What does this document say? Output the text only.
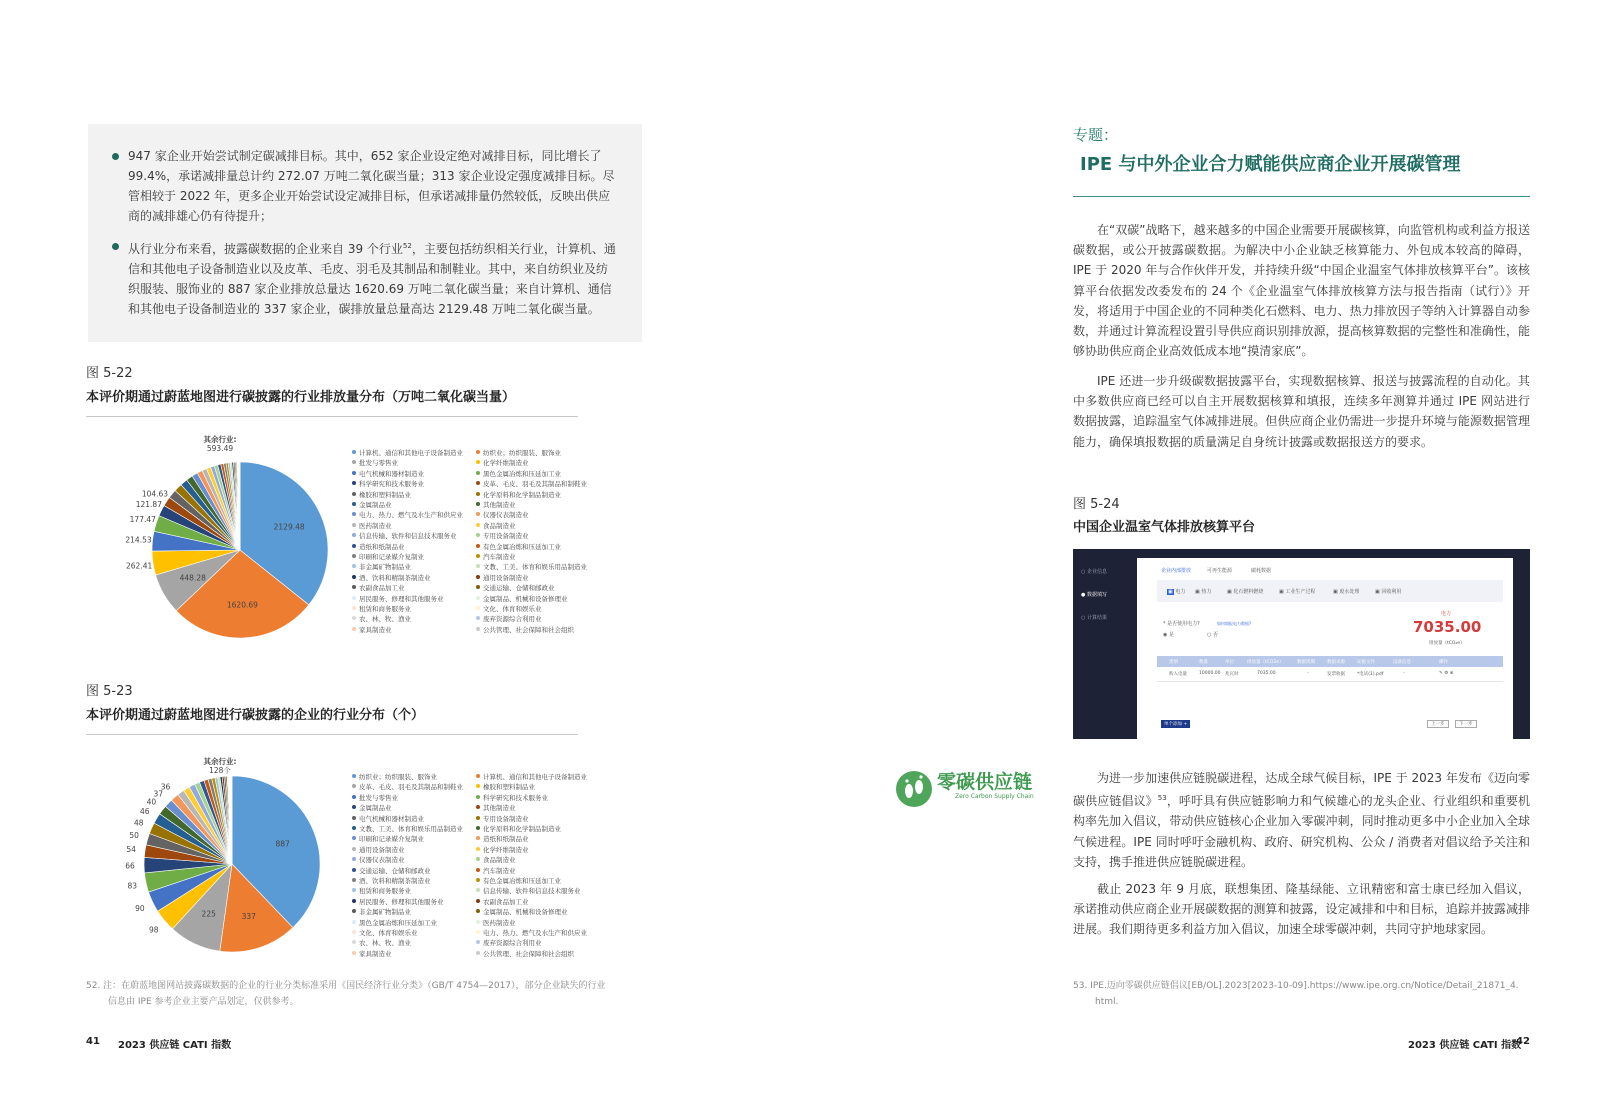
947 家企业开始尝试制定碳减排目标。其中，652 家企业设定绝对减排目标，同比增长了 99.4%，承诺减排量总计约 272.07 万吨二氧化碳当量；313 家企业设定强度减排目标。尽管相较于 2022 年，更多企业开始尝试设定减排目标，但承诺减排量仍然较低，反映出供应商的减排雄心仍有待提升；
从行业分布来看，披露碳数据的企业来自 39 个行业$^{52}$，主要包括纺织相关行业，计算机、通信和其他电子设备制造业以及皮革、毛皮、羽毛及其制品和制鞋业。其中，来自纺织业及纺织服装、服饰业的 887 家企业排放总量达 1620.69 万吨二氧化碳当量；来自计算机、通信和其他电子设备制造业的 337 家企业，碳排放量总量高达 2129.48 万吨二氧化碳当量。
图 5-22
本评价期通过蔚蓝地图进行碳披露的行业排放量分布（万吨二氧化碳当量）
2129.48
1620.69
448.28
262.41
214.53
177.47
121.87
104.63
其余行业:
593.49	计算机、通信和其他电子设备制造业	纺织业；纺织服装、服饰业
批发与零售业	化学纤维制造业
电气机械和器材制造业	黑色金属冶炼和压延加工业
科学研究和技术服务业	皮革、毛皮、羽毛及其制品和制鞋业
橡胶和塑料制品业	化学原料和化学制品制造业
金属制品业	其他制造业
电力、热力、燃气及水生产和供应业	仪器仪表制造业
医药制造业	食品制造业
信息传输、软件和信息技术服务业	专用设备制造业
造纸和纸制品业	有色金属冶炼和压延加工业
印刷和记录媒介复制业	汽车制造业
非金属矿物制品业	文教、工美、体育和娱乐用品制造业
酒、饮料和精制茶制造业	通用设备制造业
农副食品加工业	交通运输、仓储和邮政业
居民服务、修理和其他服务业	金属制品、机械和设备修理业
租赁和商务服务业	文化、体育和娱乐业
农、林、牧、渔业	废弃资源综合利用业
家具制造业	公共管理、社会保障和社会组织
图 5-23
本评价期通过蔚蓝地图进行碳披露的企业的行业分布（个）
887
337
225
98
90
83
66
54
50
48
46
40
37
36
其余行业:
128个
纺织业；纺织服装、服饰业	计算机、通信和其他电子设备制造业
皮革、毛皮、羽毛及其制品和制鞋业	橡胶和塑料制品业
批发与零售业	科学研究和技术服务业
金属制品业	其他制造业
电气机械和器材制造业	专用设备制造业
文教、工美、体育和娱乐用品制造业	化学原料和化学制品制造业
印刷和记录媒介复制业	造纸和纸制品业
通用设备制造业	化学纤维制造业
仪器仪表制造业	食品制造业
交通运输、仓储和邮政业	汽车制造业
酒、饮料和精制茶制造业	有色金属冶炼和压延加工业
租赁和商务服务业	信息传输、软件和信息技术服务业
居民服务、修理和其他服务业	农副食品加工业
非金属矿物制品业	金属制品、机械和设备修理业
黑色金属冶炼和压延加工业	医药制造业
文化、体育和娱乐业	电力、热力、燃气及水生产和供应业
农、林、牧、渔业	废弃资源综合利用业
家具制造业	公共管理、社会保障和社会组织
52. 注：在蔚蓝地图网站披露碳数据的企业的行业分类标准采用《国民经济行业分类》（GB/T 4754—2017），部分企业缺失的行业
信息由 IPE 参考企业主要产品划定，仅供参考。
41 2023 供应链 CATI 指数
零碳供应链
Zero Carbon Supply Chain
专题：
IPE 与中外企业合力赋能供应商企业开展碳管理
在“双碳”战略下，越来越多的中国企业需要开展碳核算，向监管机构或利益方报送碳数据，或公开披露碳数据。为解决中小企业缺乏核算能力、外包成本较高的障碍，IPE 于 2020 年与合作伙伴开发，并持续升级“中国企业温室气体排放核算平台”。该核算平台依据发改委发布的 24 个《企业温室气体排放核算方法与报告指南（试行）》开发，将适用于中国企业的不同种类化石燃料、电力、热力排放因子等纳入计算器自动参数，并通过计算流程设置引导供应商识别排放源，提高核算数据的完整性和准确性，能够协助供应商企业高效低成本地“摸清家底”。
IPE 还进一步升级碳数据披露平台，实现数据核算、报送与披露流程的自动化。其中多数供应商已经可以自主开展数据核算和填报，连续多年测算并通过 IPE 网站进行数据披露，追踪温室气体减排进展。但供应商企业仍需进一步提升环境与能源数据管理能力，确保填报数据的质量满足自身统计披露或数据报送方的要求。
图 5-24
中国企业温室气体排放核算平台
○ 企业信息
● 数据填写
○ 计算结果
企业内部排放	可再生能源	碳耗数据
▣ 电力 ▣ 热力	▣ 化石燃料燃烧	▣ 工业生产过程	▣ 废水处理	▣ 回收利用
* 是否使用电力?	如何填报电力数据?
◉ 是	○ 否
电力
7035.00
排放量（tCO₂e）
类别	数量	单位	排放量（tCO2e）	数据周期	数据来源	证据文件	设备信息	操作
购入电量	10000.00 兆瓦时	7035.00	-	发票收据	*电试(1).pdf	-	✎ ⚙ ⊗
单个添加 +	上一步	下一步
为进一步加速供应链脱碳进程，达成全球气候目标，IPE 于 2023 年发布《迈向零碳供应链倡议》$^{53}$，呼吁具有供应链影响力和气候雄心的龙头企业、行业组织和重要机构率先加入倡议，带动供应链核心企业加入零碳冲刺，同时推动更多中小企业加入全球气候进程。IPE 同时呼吁金融机构、政府、研究机构、公众 / 消费者对倡议给予关注和支持，携手推进供应链脱碳进程。
截止 2023 年 9 月底，联想集团、隆基绿能、立讯精密和富士康已经加入倡议，承诺推动供应商企业开展碳数据的测算和披露，设定减排和中和目标，追踪并披露减排进展。我们期待更多利益方加入倡议，加速全球零碳冲刺，共同守护地球家园。
53. IPE.迈向零碳供应链倡议[EB/OL].2023[2023-10-09].https://www.ipe.org.cn/Notice/Detail_21871_4.
html.
2023 供应链 CATI 指数
42
